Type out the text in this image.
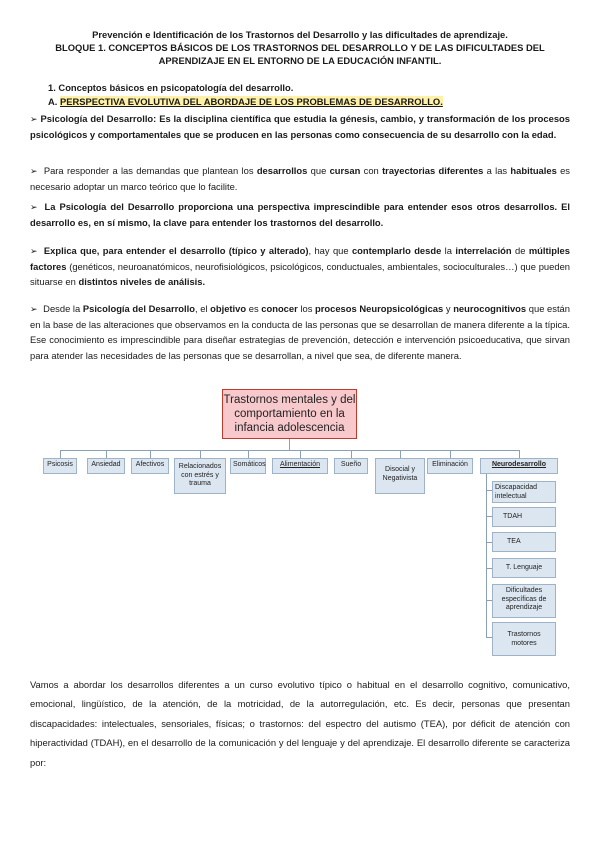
Prevención e Identificación de los Trastornos del Desarrollo y las dificultades de aprendizaje.
BLOQUE 1. CONCEPTOS BÁSICOS DE LOS TRASTORNOS DEL DESARROLLO Y DE LAS DIFICULTADES DEL
APRENDIZAJE EN EL ENTORNO DE LA EDUCACIÓN INFANTIL.
1. Conceptos básicos en psicopatología del desarrollo.
A. PERSPECTIVA EVOLUTIVA DEL ABORDAJE DE LOS PROBLEMAS DE DESARROLLO.
➢ Psicología del Desarrollo: Es la disciplina científica que estudia la génesis, cambio, y transformación de los procesos psicológicos y comportamentales que se producen en las personas como consecuencia de su desarrollo con la edad.
➢ Para responder a las demandas que plantean los desarrollos que cursan con trayectorias diferentes a las habituales es necesario adoptar un marco teórico que lo facilite.
➢ La Psicología del Desarrollo proporciona una perspectiva imprescindible para entender esos otros desarrollos. El desarrollo es, en sí mismo, la clave para entender los trastornos del desarrollo.
➢ Explica que, para entender el desarrollo (típico y alterado), hay que contemplarlo desde la interrelación de múltiples factores (genéticos, neuroanatómicos, neurofisiológicos, psicológicos, conductuales, ambientales, socioculturales…) que pueden situarse en distintos niveles de análisis.
➢ Desde la Psicología del Desarrollo, el objetivo es conocer los procesos Neuropsicológicas y neurocognitivos que están en la base de las alteraciones que observamos en la conducta de las personas que se desarrollan de manera diferente a la típica. Ese conocimiento es imprescindible para diseñar estrategias de prevención, detección e intervención psicoeducativa, que sirvan para atender las necesidades de las personas que se desarrollan, a nivel que sea, de diferente manera.
Trastornos mentales y del comportamiento en la infancia adolescencia
Psicosis	Ansiedad	Afectivos	Relacionados con estrés y trauma
Somáticos	Alimentación	Sueño
Disocial y Negativista
Eliminación	Neurodesarrollo
Discapacidad intelectual
TDAH
TEA
T. Lenguaje
Dificultades específicas de aprendizaje
Trastornos motores
Vamos a abordar los desarrollos diferentes a un curso evolutivo típico o habitual en el desarrollo cognitivo, comunicativo, emocional, lingüístico, de la atención, de la motricidad, de la autorregulación, etc. Es decir, personas que presentan discapacidades: intelectuales, sensoriales, físicas; o trastornos: del espectro del autismo (TEA), por déficit de atención con hiperactividad (TDAH), en el desarrollo de la comunicación y del lenguaje y del aprendizaje. El desarrollo diferente se caracteriza por:
